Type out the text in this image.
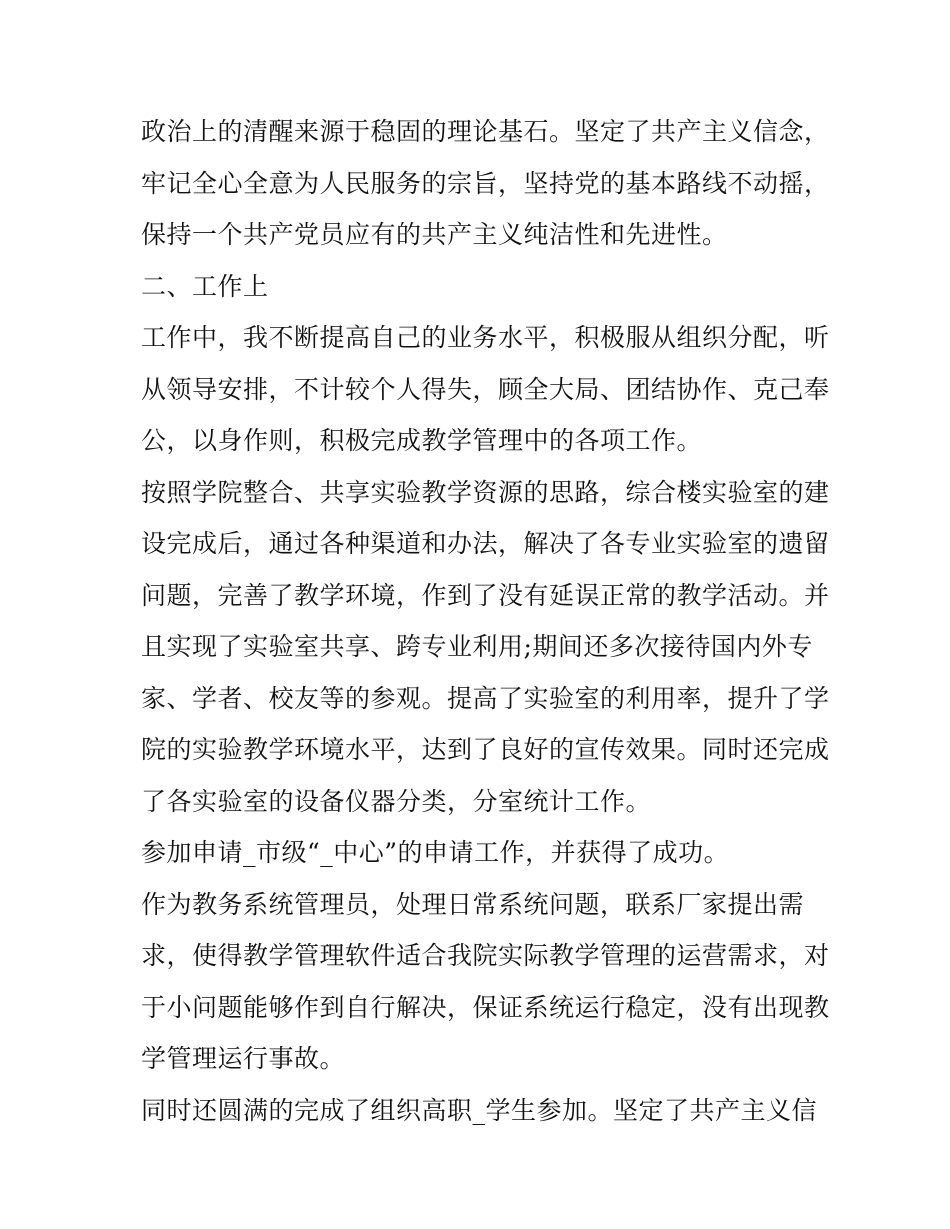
政治上的清醒来源于稳固的理论基石。坚定了共产主义信念，
牢记全心全意为人民服务的宗旨，坚持党的基本路线不动摇，
保持一个共产党员应有的共产主义纯洁性和先进性。
二、工作上
工作中，我不断提高自己的业务水平，积极服从组织分配，听
从领导安排，不计较个人得失，顾全大局、团结协作、克己奉
公，以身作则，积极完成教学管理中的各项工作。
按照学院整合、共享实验教学资源的思路，综合楼实验室的建
设完成后，通过各种渠道和办法，解决了各专业实验室的遗留
问题，完善了教学环境，作到了没有延误正常的教学活动。并
且实现了实验室共享、跨专业利用;期间还多次接待国内外专
家、学者、校友等的参观。提高了实验室的利用率，提升了学
院的实验教学环境水平，达到了良好的宣传效果。同时还完成
了各实验室的设备仪器分类，分室统计工作。
参加申请_市级“_中心”的申请工作，并获得了成功。
作为教务系统管理员，处理日常系统问题，联系厂家提出需
求，使得教学管理软件适合我院实际教学管理的运营需求，对
于小问题能够作到自行解决，保证系统运行稳定，没有出现教
学管理运行事故。
同时还圆满的完成了组织高职_学生参加。坚定了共产主义信
